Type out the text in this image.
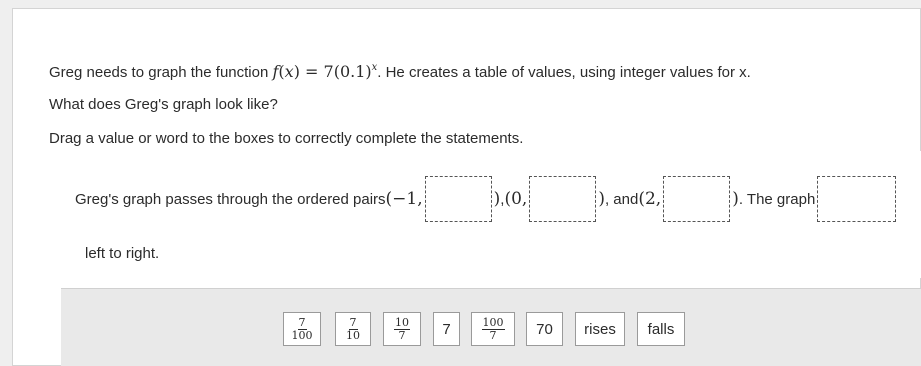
Greg needs to graph the function $f(x) = 7(0.1)^x$. He creates a table of values, using integer values for x.
What does Greg's graph look like?
Drag a value or word to the boxes to correctly complete the statements.
Greg's graph passes through the ordered pairs (−1,	) , (0,	) , and (2,	) . The graph
left to right.
$\frac{7}{100}$	$\frac{7}{10}$	$\frac{10}{7}$	7	$\frac{100}{7}$	70	rises	falls
